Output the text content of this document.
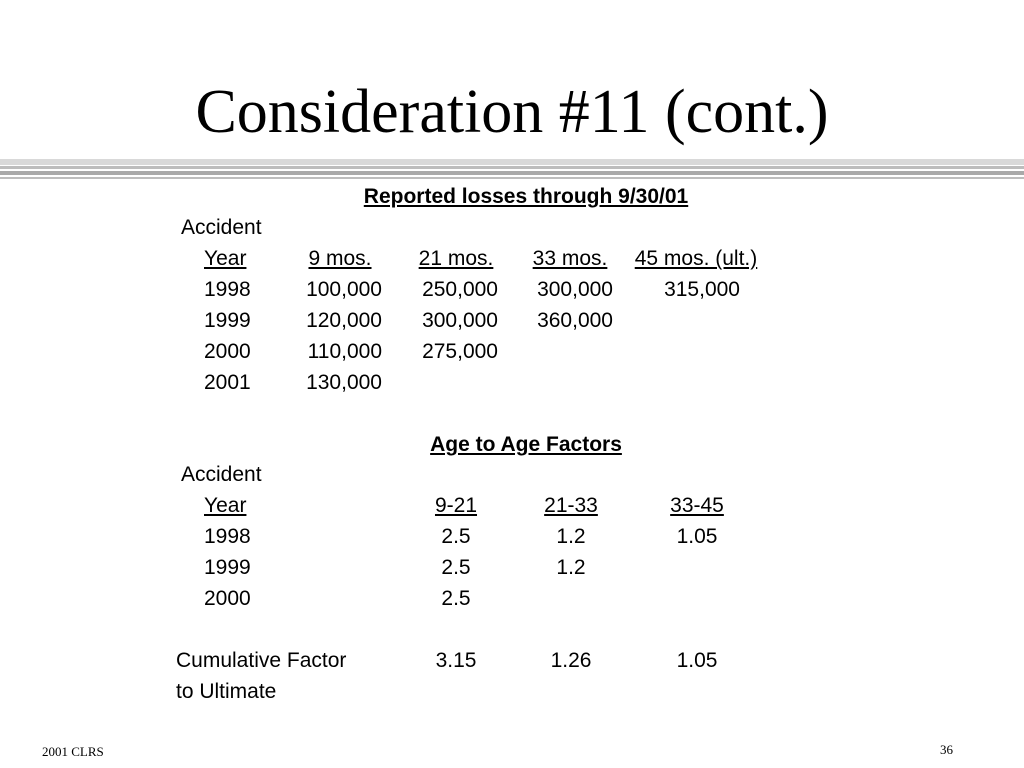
Consideration #11 (cont.)
Reported losses through 9/30/01
Accident
Year	9 mos. 21 mos. 33 mos. 45 mos. (ult.)
1998	100,000 250,000 300,000 315,000
1999	120,000 300,000 360,000
2000	110,000 275,000
2001	130,000
Age to Age Factors
Accident
Year	9-21	21-33	33-45
1998	2.5	1.2	1.05
1999	2.5	1.2
2000	2.5
Cumulative Factor
to Ultimate
3.15	1.26	1.05
2001 CLRS	36
